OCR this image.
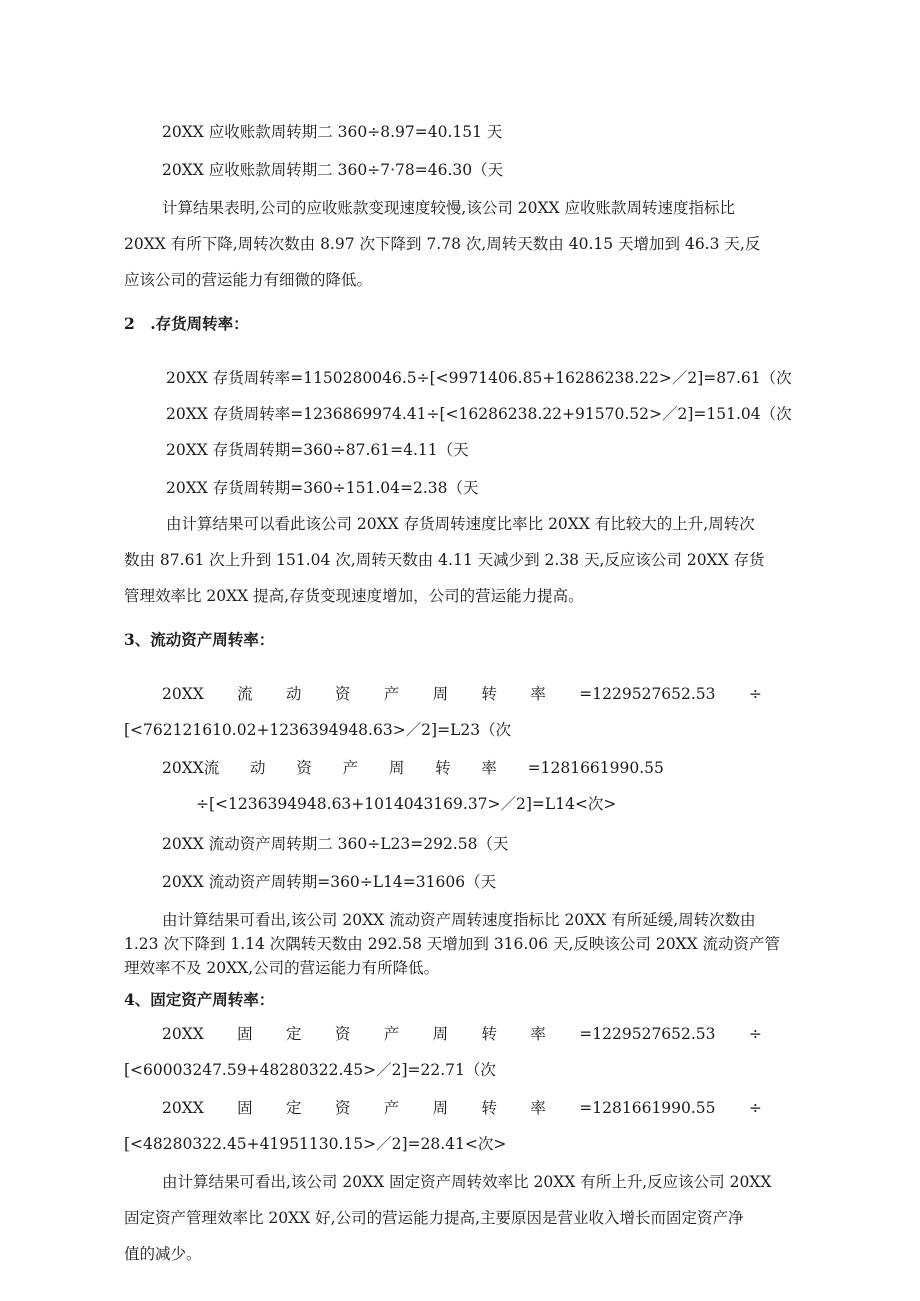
20XX 应收账款周转期二 360÷8.97=40.151 天
20XX 应收账款周转期二 360÷7·78=46.30（天
计算结果表明,公司的应收账款变现速度较慢,该公司 20XX 应收账款周转速度指标比
20XX 有所下降,周转次数由 8.97 次下降到 7.78 次,周转天数由 40.15 天增加到 46.3 天,反
应该公司的营运能力有细微的降低。
2　.存货周转率：
20XX 存货周转率=1150280046.5÷[<9971406.85+16286238.22>／2]=87.61（次
20XX 存货周转率=1236869974.41÷[<16286238.22+91570.52>／2]=151.04（次
20XX 存货周转期=360÷87.61=4.11（天
20XX 存货周转期=360÷151.04=2.38（天
由计算结果可以看此该公司 20XX 存货周转速度比率比 20XX 有比较大的上升,周转次
数由 87.61 次上升到 151.04 次,周转天数由 4.11 天减少到 2.38 天,反应该公司 20XX 存货
管理效率比 20XX 提高,存货变现速度增加，公司的营运能力提高。
3、流动资产周转率：
20XX 流 动 资 产 周 转 率 =1229527652.53 ÷
[<762121610.02+1236394948.63>／2]=L23（次
20XX流 动 资 产 周 转 率 =1281661990.55
÷[<1236394948.63+1014043169.37>／2]=L14<次>
20XX 流动资产周转期二 360÷L23=292.58（天
20XX 流动资产周转期=360÷L14=31606（天
由计算结果可看出,该公司 20XX 流动资产周转速度指标比 20XX 有所延缓,周转次数由
1.23 次下降到 1.14 次隅转天数由 292.58 天增加到 316.06 天,反映该公司 20XX 流动资产管
理效率不及 20XX,公司的营运能力有所降低。
4、固定资产周转率：
20XX 固 定 资 产 周 转 率 =1229527652.53 ÷
[<60003247.59+48280322.45>／2]=22.71（次
20XX 固 定 资 产 周 转 率 =1281661990.55 ÷
[<48280322.45+41951130.15>／2]=28.41<次>
由计算结果可看出,该公司 20XX 固定资产周转效率比 20XX 有所上升,反应该公司 20XX
固定资产管理效率比 20XX 好,公司的营运能力提高,主要原因是营业收入增长而固定资产净
值的减少。
